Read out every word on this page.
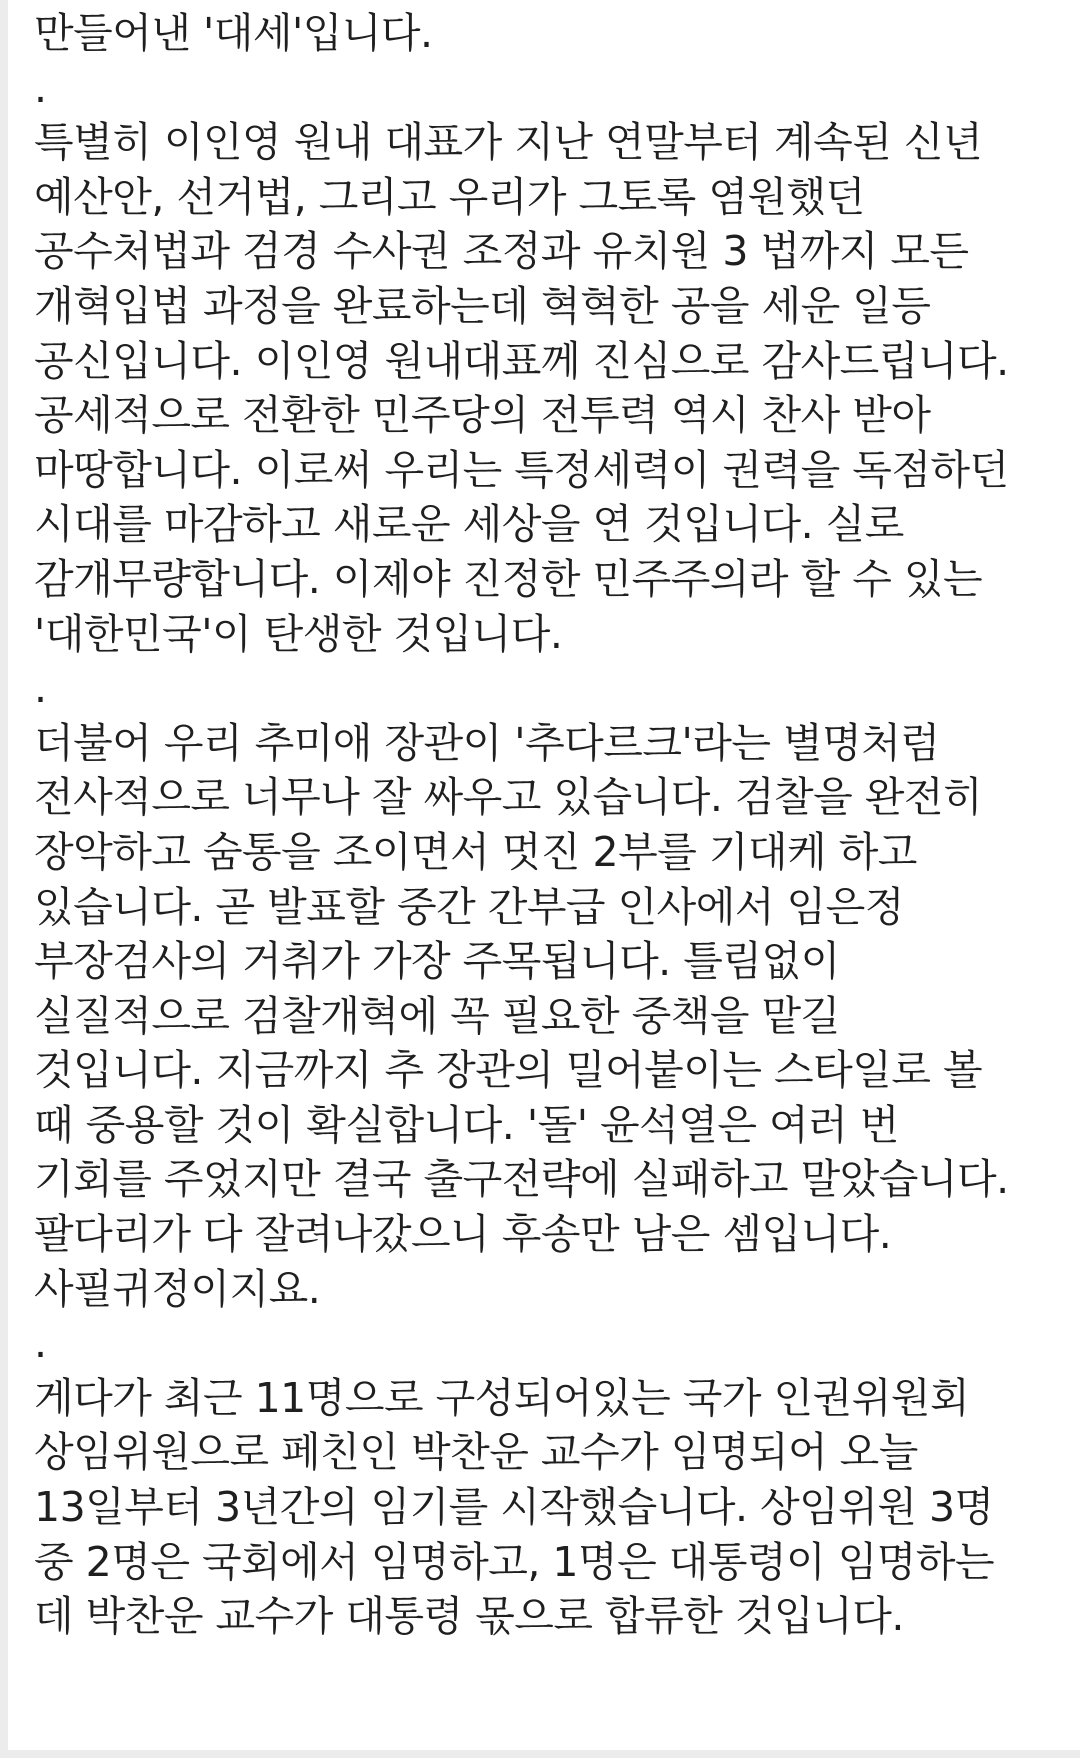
만들어낸 '대세'입니다.
.
특별히 이인영 원내 대표가 지난 연말부터 계속된 신년
예산안, 선거법, 그리고 우리가 그토록 염원했던
공수처법과 검경 수사권 조정과 유치원 3 법까지 모든
개혁입법 과정을 완료하는데 혁혁한 공을 세운 일등
공신입니다. 이인영 원내대표께 진심으로 감사드립니다.
공세적으로 전환한 민주당의 전투력 역시 찬사 받아
마땅합니다. 이로써 우리는 특정세력이 권력을 독점하던
시대를 마감하고 새로운 세상을 연 것입니다. 실로
감개무량합니다. 이제야 진정한 민주주의라 할 수 있는
'대한민국'이 탄생한 것입니다.
.
더불어 우리 추미애 장관이 '추다르크'라는 별명처럼
전사적으로 너무나 잘 싸우고 있습니다. 검찰을 완전히
장악하고 숨통을 조이면서 멋진 2부를 기대케 하고
있습니다. 곧 발표할 중간 간부급 인사에서 임은정
부장검사의 거취가 가장 주목됩니다. 틀림없이
실질적으로 검찰개혁에 꼭 필요한 중책을 맡길
것입니다. 지금까지 추 장관의 밀어붙이는 스타일로 볼
때 중용할 것이 확실합니다. '돌' 윤석열은 여러 번
기회를 주었지만 결국 출구전략에 실패하고 말았습니다.
팔다리가 다 잘려나갔으니 후송만 남은 셈입니다.
사필귀정이지요.
.
게다가 최근 11명으로 구성되어있는 국가 인권위원회
상임위원으로 페친인 박찬운 교수가 임명되어 오늘
13일부터 3년간의 임기를 시작했습니다. 상임위원 3명
중 2명은 국회에서 임명하고, 1명은 대통령이 임명하는
데 박찬운 교수가 대통령 몫으로 합류한 것입니다.
